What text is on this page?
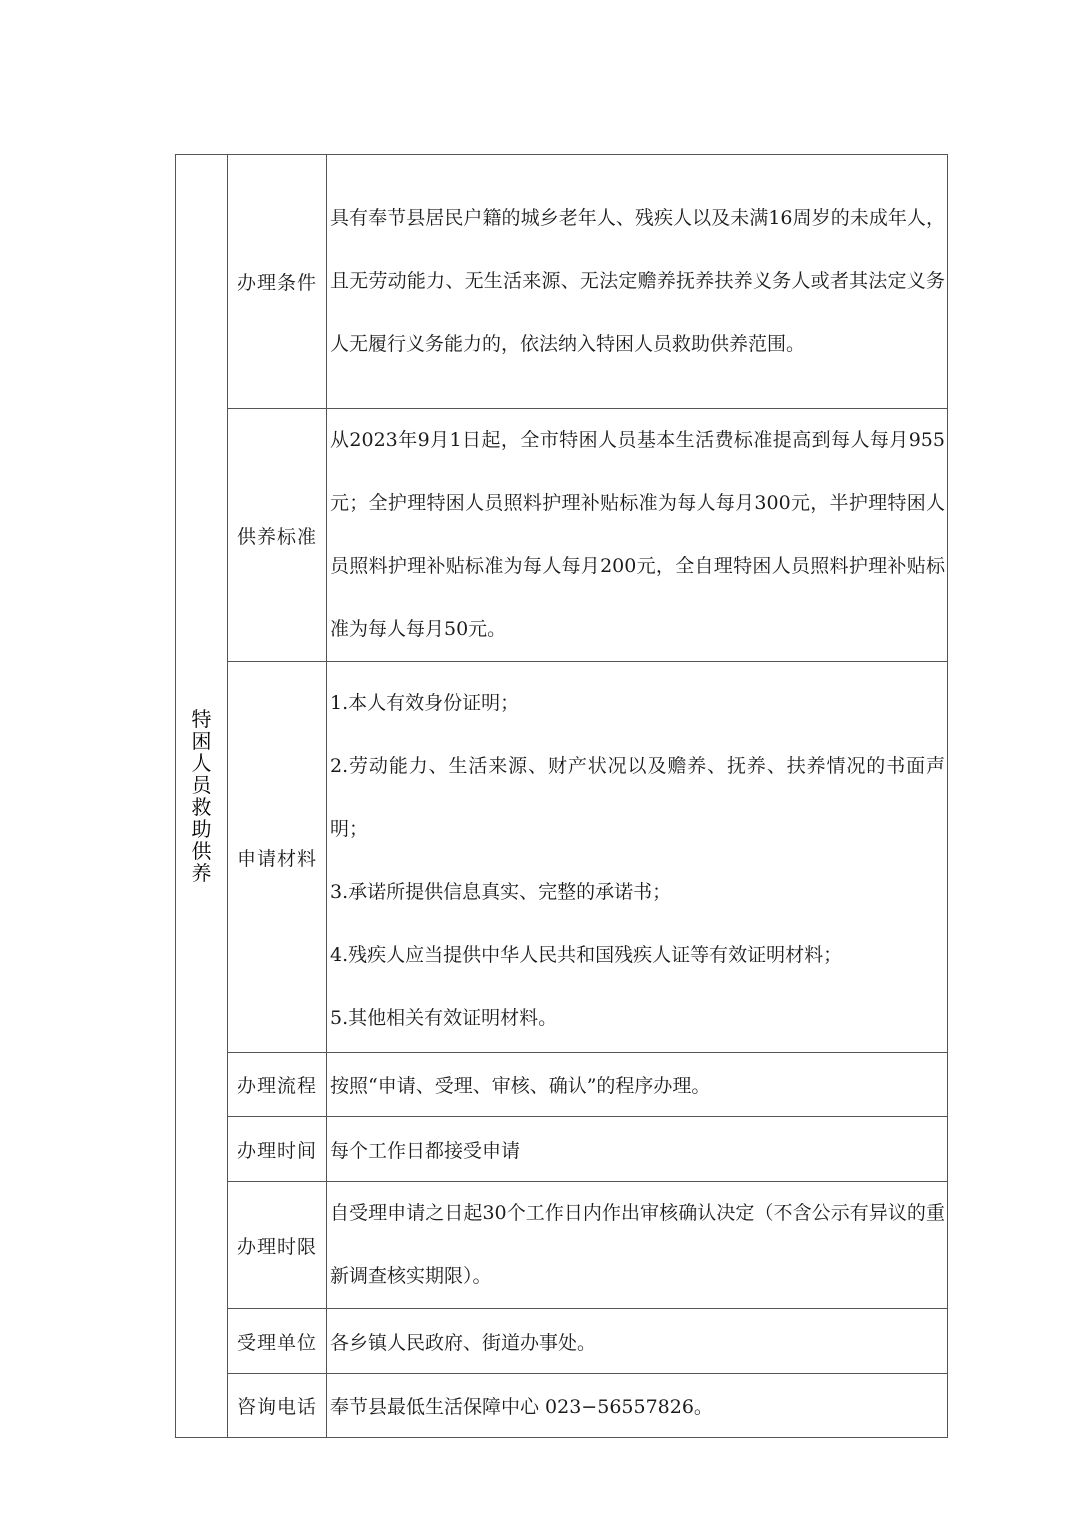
特困人员救助供养	办理条件	具有奉节县居民户籍的城乡老年人、残疾人以及未满16周岁的未成年人，且无劳动能力、无生活来源、无法定赡养抚养扶养义务人或者其法定义务人无履行义务能力的，依法纳入特困人员救助供养范围。

	供养标准	从2023年9月1日起，全市特困人员基本生活费标准提高到每人每月955元；全护理特困人员照料护理补贴标准为每人每月300元，半护理特困人员照料护理补贴标准为每人每月200元，全自理特困人员照料护理补贴标准为每人每月50元。

	申请材料	1.本人有效身份证明；

2.劳动能力、生活来源、财产状况以及赡养、抚养、扶养情况的书面声明；

3.承诺所提供信息真实、完整的承诺书；

4.残疾人应当提供中华人民共和国残疾人证等有效证明材料；

5.其他相关有效证明材料。

	办理流程	按照“申请、受理、审核、确认”的程序办理。
	办理时间	每个工作日都接受申请
	办理时限	自受理申请之日起30个工作日内作出审核确认决定（不含公示有异议的重新调查核实期限）。

	受理单位	各乡镇人民政府、街道办事处。
	咨询电话	奉节县最低生活保障中心 023−56557826。
